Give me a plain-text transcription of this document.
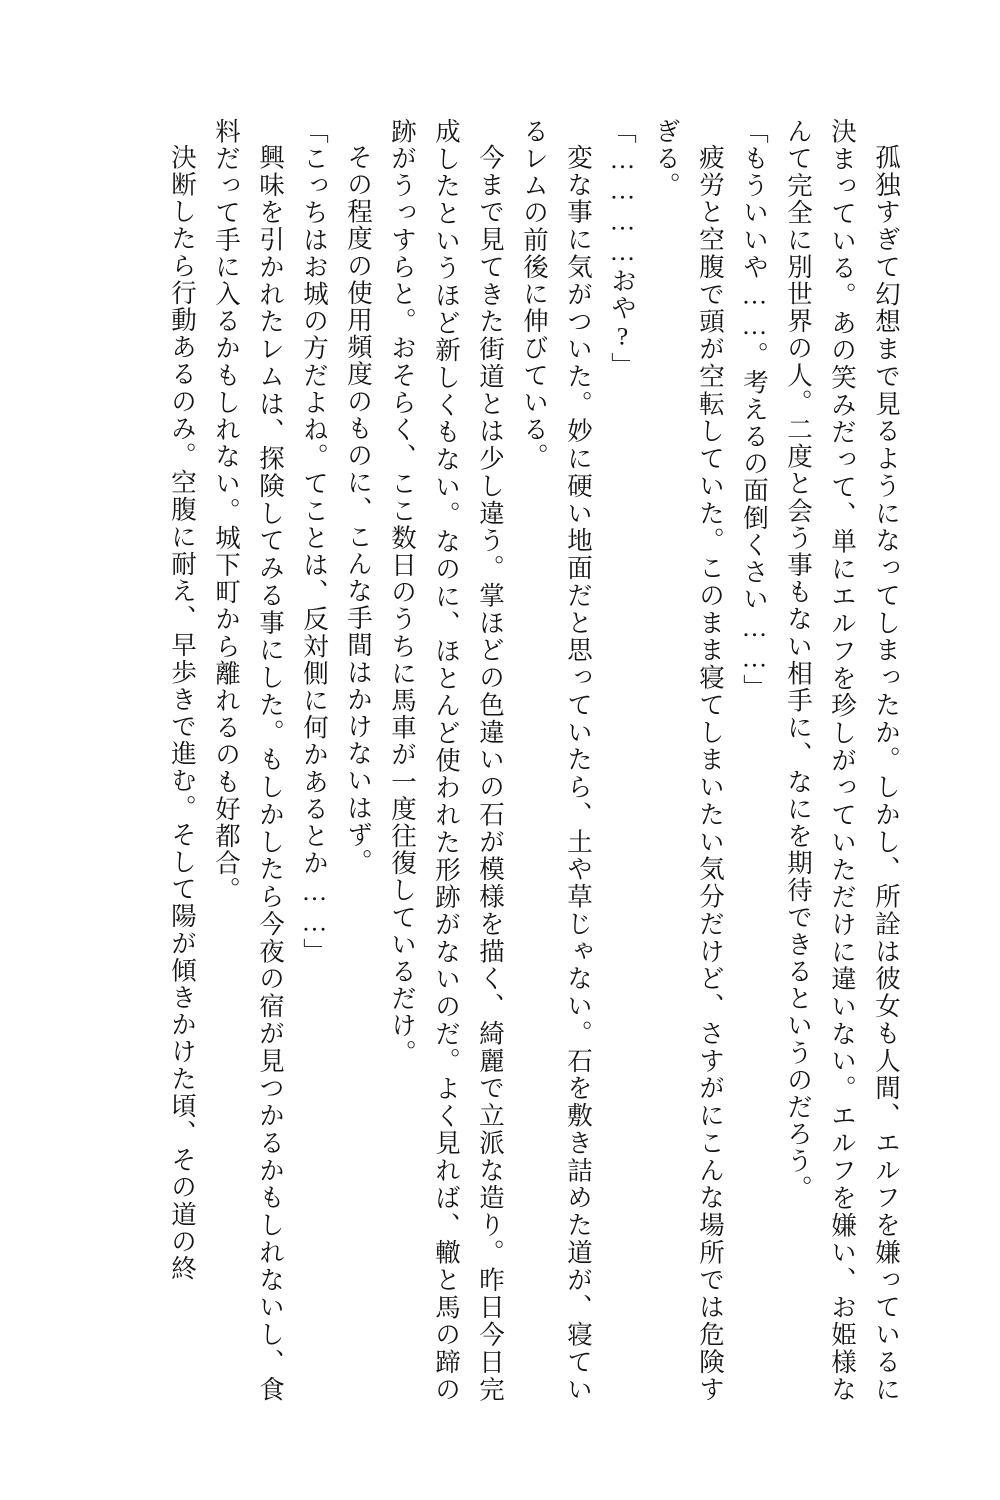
孤独すぎて幻想まで見るようになってしまったか。しかし、所詮は彼女も人間、エルフを嫌っているに決まっている。あの笑みだって、単にエルフを珍しがっていただけに違いない。エルフを嫌い、お姫様なんて完全に別世界の人。二度と会う事もない相手に、なにを期待できるというのだろう。

「もういいや……。考えるの面倒くさい……」

疲労と空腹で頭が空転していた。このまま寝てしまいたい気分だけど、さすがにこんな場所では危険すぎる。

「…………おや?」

変な事に気がついた。妙に硬い地面だと思っていたら、土や草じゃない。石を敷き詰めた道が、寝ているレムの前後に伸びている。

今まで見てきた街道とは少し違う。掌ほどの色違いの石が模様を描く、綺麗で立派な造り。昨日今日完成したというほど新しくもない。なのに、ほとんど使われた形跡がないのだ。よく見れば、轍と馬の蹄の跡がうっすらと。おそらく、ここ数日のうちに馬車が一度往復しているだけ。

その程度の使用頻度のものに、こんな手間はかけないはず。

「こっちはお城の方だよね。てことは、反対側に何かあるとか……」

興味を引かれたレムは、探険してみる事にした。もしかしたら今夜の宿が見つかるかもしれないし、食料だって手に入るかもしれない。城下町から離れるのも好都合。

決断したら行動あるのみ。空腹に耐え、早歩きで進む。そして陽が傾きかけた頃、その道の終
